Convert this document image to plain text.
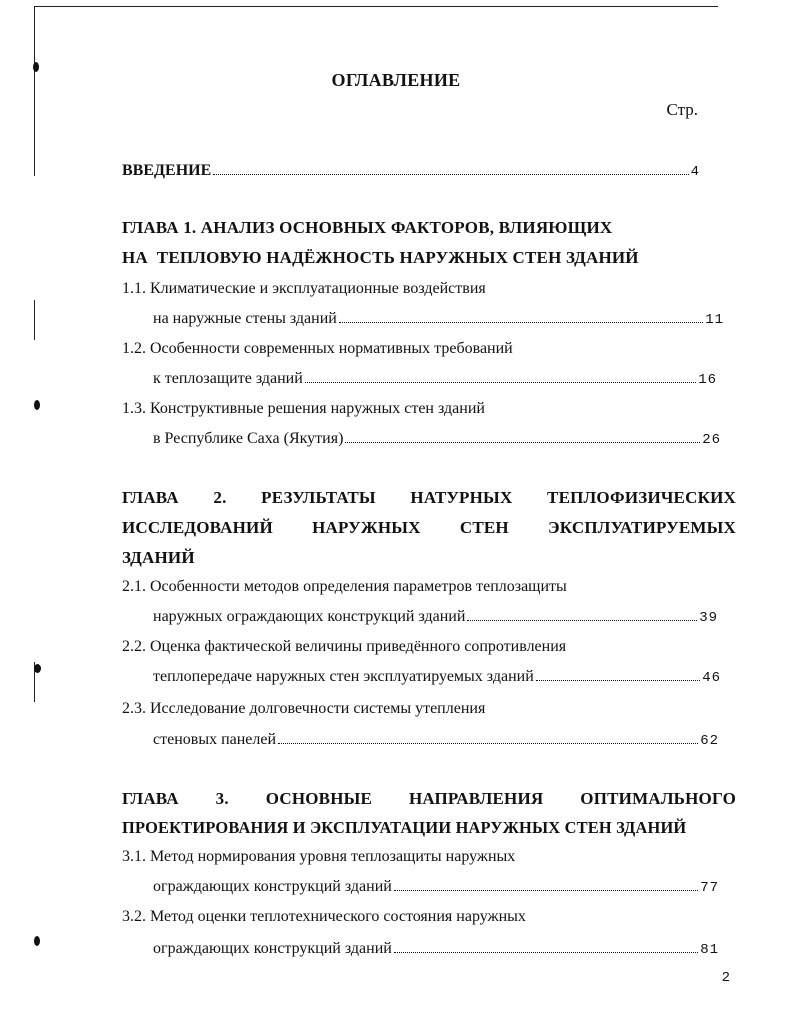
ОГЛАВЛЕНИЕ
Стр.
ВВЕДЕНИЕ	4
ГЛАВА 1. АНАЛИЗ ОСНОВНЫХ ФАКТОРОВ, ВЛИЯЮЩИХ
НА  ТЕПЛОВУЮ НАДЁЖНОСТЬ НАРУЖНЫХ СТЕН ЗДАНИЙ
1.1. Климатические и эксплуатационные воздействия
на наружные стены зданий	11
1.2. Особенности современных нормативных требований
к теплозащите зданий	16
1.3. Конструктивные решения наружных стен зданий
в Республике Саха (Якутия)	26
ГЛАВА 2. РЕЗУЛЬТАТЫ НАТУРНЫХ ТЕПЛОФИЗИЧЕСКИХ
ИССЛЕДОВАНИЙ НАРУЖНЫХ СТЕН ЭКСПЛУАТИРУЕМЫХ
ЗДАНИЙ
2.1. Особенности методов определения параметров теплозащиты
наружных ограждающих конструкций зданий	39
2.2. Оценка фактической величины приведённого сопротивления
теплопередаче наружных стен эксплуатируемых зданий	46
2.3. Исследование долговечности системы утепления
стеновых панелей	62
ГЛАВА 3. ОСНОВНЫЕ НАПРАВЛЕНИЯ ОПТИМАЛЬНОГО
ПРОЕКТИРОВАНИЯ И ЭКСПЛУАТАЦИИ НАРУЖНЫХ СТЕН ЗДАНИЙ
3.1. Метод нормирования уровня теплозащиты наружных
ограждающих конструкций зданий	77
3.2. Метод оценки теплотехнического состояния наружных
ограждающих конструкций зданий	81
2
